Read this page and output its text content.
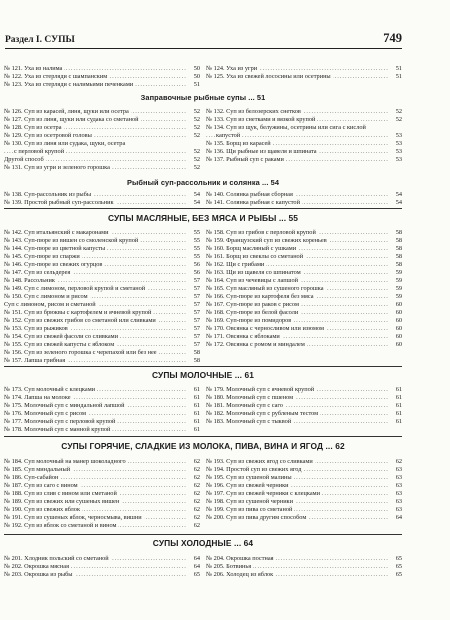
Раздел I. СУПЫ	749
№ 121. Уха из налима	50
.....
№ 122. Уха из стерляди с шампанским	50
.....
№ 123. Уха из стерляди с налимьими печенками	51
.....
№ 124. Уха из угри	51
.....
№ 125. Уха из свежей лососины или осетрины	51
.....
Заправочные рыбные супы ... 51
№ 126. Суп из карасей, линя, щуки или осетра	52
.....
№ 127. Суп из линя, щуки или судака со сметаной	52
.....
№ 128. Суп из осетра	52
.....
№ 129. Суп из осетровой головы	52
.....
№ 130. Суп из линя или судака, щуки, осетра
с перловой крупой	52
.....
Другой способ	52
.....
№ 131. Суп из угри и зеленого горошка	52
.....
№ 132. Суп из белозерских снетков	52
.....
№ 133. Суп из снетками и вязкой крупой	52
.....
№ 134. Суп из щук, белужины, осетрины или сига с кислой
капустой	53
.....
№ 135. Борщ из карасей	53
.....
№ 136. Щи рыбные из щавеля и шпината	53
.....
№ 137. Рыбный суп с раками	53
.....
Рыбный суп-рассольник и солянка ... 54
№ 138. Суп-рассольник из рыбы	54
.....
№ 139. Простой рыбный суп-рассольник	54
.....
№ 140. Солянка рыбная сборная	54
.....
№ 141. Солянка рыбная с капустой	54
.....
СУПЫ МАСЛЯНЫЕ, БЕЗ МЯСА И РЫБЫ ... 55
№ 142. Суп итальянский с макаронами	55
.....
№ 143. Суп-пюре из вишен со смоленской крупой	55
.....
№ 144. Суп-пюре из цветной капусты	55
.....
№ 145. Суп-пюре из спаржи	55
.....
№ 146. Суп-пюре из свежих огурцов	56
.....
№ 147. Суп из сельдерея	56
.....
№ 148. Рассольник	57
.....
№ 149. Суп с лимоном, перловой крупой и сметаной	57
.....
№ 150. Суп с лимоном и рисом	57
.....
Суп с лимоном, рисом и сметаной	57
.....
№ 151. Суп из брюквы с картофелем и ячневой крупой	57
.....
№ 152. Суп из свежих грибов со сметаной или сливками	57
.....
№ 153. Суп из рыжиков	57
.....
№ 154. Суп из свежей фасоли со сливками	57
.....
№ 155. Суп из свежей капусты с яблоком	57
.....
№ 156. Суп из зеленого горошка с черепахой или без нее	58
.....
№ 157. Лапша грибная	58
.....
№ 158. Суп из грибов с перловой крупой	58
.....
№ 159. Французский суп из свежих кореньев	58
.....
№ 160. Борщ масляный с ушками	58
.....
№ 161. Борщ из свеклы со сметаной	58
.....
№ 162. Щи с грибами	58
.....
№ 163. Щи из щавеля со шпинатом	59
.....
№ 164. Суп из чечевицы с лапшой	59
.....
№ 165. Суп масляный из сушеного горошка	59
.....
№ 166. Суп-пюре из картофеля без мяса	59
.....
№ 167. Суп-пюре из раков с рисом	60
.....
№ 168. Суп-пюре из белой фасоли	60
.....
№ 169. Суп-пюре из помидоров	60
.....
№ 170. Овсянка с черносливом или изюмом	60
.....
№ 171. Овсянка с яблоками	60
.....
№ 172. Овсянка с ромом и миндалем	60
.....
СУПЫ МОЛОЧНЫЕ ... 61
№ 173. Суп молочный с клецками	61
.....
№ 174. Лапша на молоке	61
.....
№ 175. Молочный суп с миндальной лапшой	61
.....
№ 176. Молочный суп с рисом	61
.....
№ 177. Молочный суп с перловой крупой	61
.....
№ 178. Молочный суп с манной крупой	61
.....
№ 179. Молочный суп с ячневой крупой	61
.....
№ 180. Молочный суп с пшеном	61
.....
№ 181. Молочный суп с саго	61
.....
№ 182. Молочный суп с рубленым тестом	61
.....
№ 183. Молочный суп с тыквой	61
.....
СУПЫ ГОРЯЧИЕ, СЛАДКИЕ ИЗ МОЛОКА, ПИВА, ВИНА И ЯГОД ... 62
№ 184. Суп молочный на манер шоколадного	62
.....
№ 185. Суп миндальный	62
.....
№ 186. Суп-сабайон	62
.....
№ 187. Суп из саго с вином	62
.....
№ 188. Суп из слив с вином или сметаной	62
.....
№ 189. Суп из свежих или сушеных вишен	62
.....
№ 190. Суп из свежих яблок	62
.....
№ 191. Суп из сушеных яблок, черносмыва, вишни	62
.....
№ 192. Суп из яблок со сметаной и вином	62
.....
№ 193. Суп из свежих ягод со сливками	62
.....
№ 194. Простой суп из свежих ягод	63
.....
№ 195. Суп из сушеной малины	63
.....
№ 196. Суп из свежей черники	63
.....
№ 197. Суп из свежей черники с клецками	63
.....
№ 198. Суп из сушеной черники	63
.....
№ 199. Суп из пива со сметаной	63
.....
№ 200. Суп из пива другим способом	64
.....
СУПЫ ХОЛОДНЫЕ ... 64
№ 201. Хлодник польский со сметаной	64
.....
№ 202. Окрошка мясная	64
.....
№ 203. Окрошка из рыбы	65
.....
№ 204. Окрошка постная	65
.....
№ 205. Ботвинья	65
.....
№ 206. Холодец из яблок	65
.....
